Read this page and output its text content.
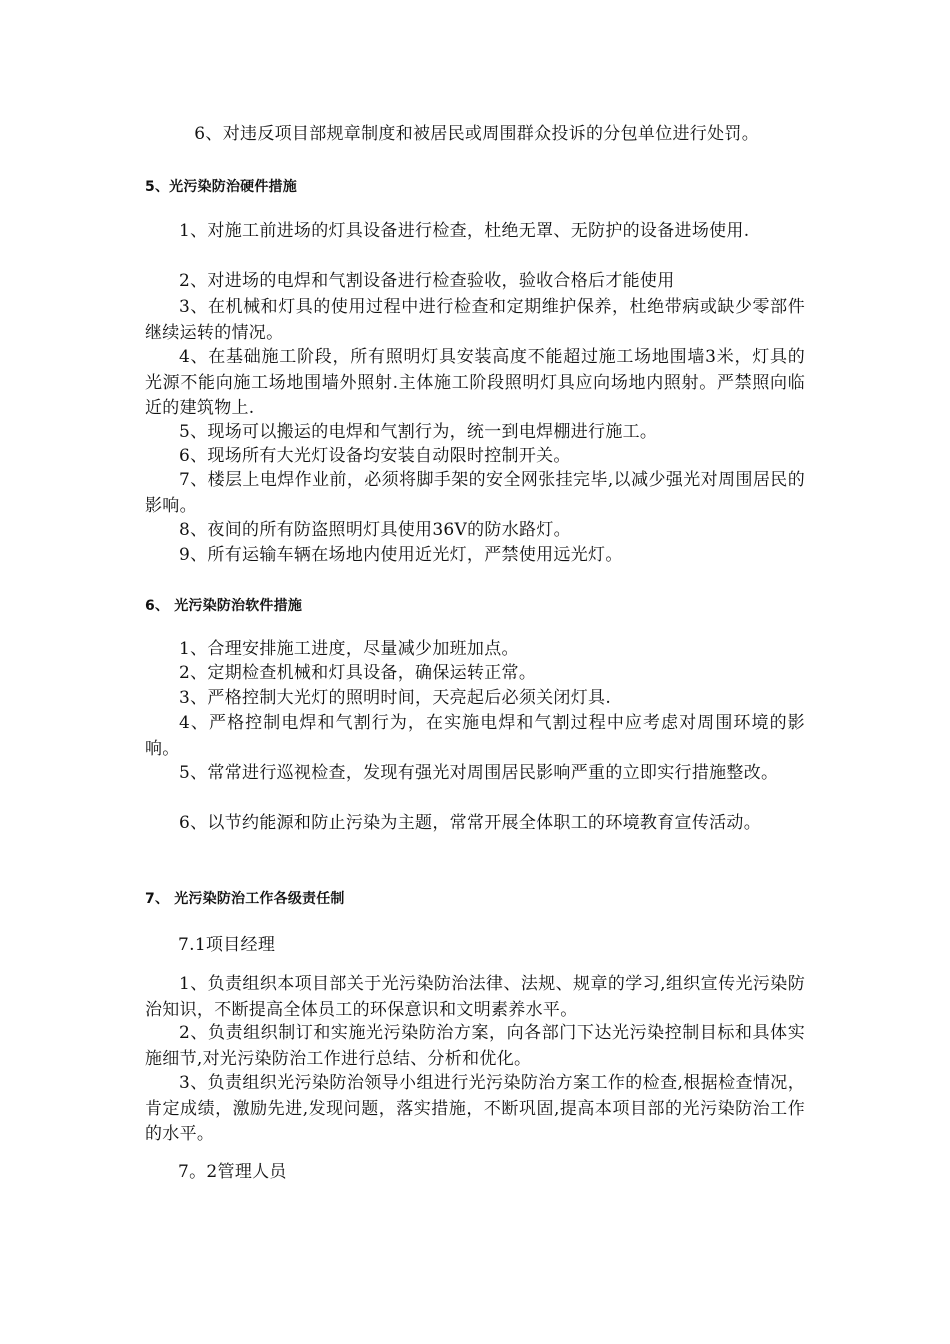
6、对违反项目部规章制度和被居民或周围群众投诉的分包单位进行处罚。
5、光污染防治硬件措施
1、对施工前进场的灯具设备进行检查，杜绝无罩、无防护的设备进场使用.
2、对进场的电焊和气割设备进行检查验收，验收合格后才能使用
3、在机械和灯具的使用过程中进行检查和定期维护保养，杜绝带病或缺少零部件继续运转的情况。
4、在基础施工阶段，所有照明灯具安装高度不能超过施工场地围墙3米，灯具的光源不能向施工场地围墙外照射.主体施工阶段照明灯具应向场地内照射。严禁照向临近的建筑物上.
5、现场可以搬运的电焊和气割行为，统一到电焊棚进行施工。
6、现场所有大光灯设备均安装自动限时控制开关。
7、楼层上电焊作业前，必须将脚手架的安全网张挂完毕,以减少强光对周围居民的影响。
8、夜间的所有防盗照明灯具使用36V的防水路灯。
9、所有运输车辆在场地内使用近光灯，严禁使用远光灯。
6、 光污染防治软件措施
1、合理安排施工进度，尽量减少加班加点。
2、定期检查机械和灯具设备，确保运转正常。
3、严格控制大光灯的照明时间，天亮起后必须关闭灯具.
4、严格控制电焊和气割行为，在实施电焊和气割过程中应考虑对周围环境的影响。
5、常常进行巡视检查，发现有强光对周围居民影响严重的立即实行措施整改。
6、以节约能源和防止污染为主题，常常开展全体职工的环境教育宣传活动。
7、 光污染防治工作各级责任制
7.1项目经理
1、负责组织本项目部关于光污染防治法律、法规、规章的学习,组织宣传光污染防治知识，不断提高全体员工的环保意识和文明素养水平。
2、负责组织制订和实施光污染防治方案，向各部门下达光污染控制目标和具体实施细节,对光污染防治工作进行总结、分析和优化。
3、负责组织光污染防治领导小组进行光污染防治方案工作的检查,根据检查情况，肯定成绩，激励先进,发现问题，落实措施，不断巩固,提高本项目部的光污染防治工作的水平。
7。2管理人员
